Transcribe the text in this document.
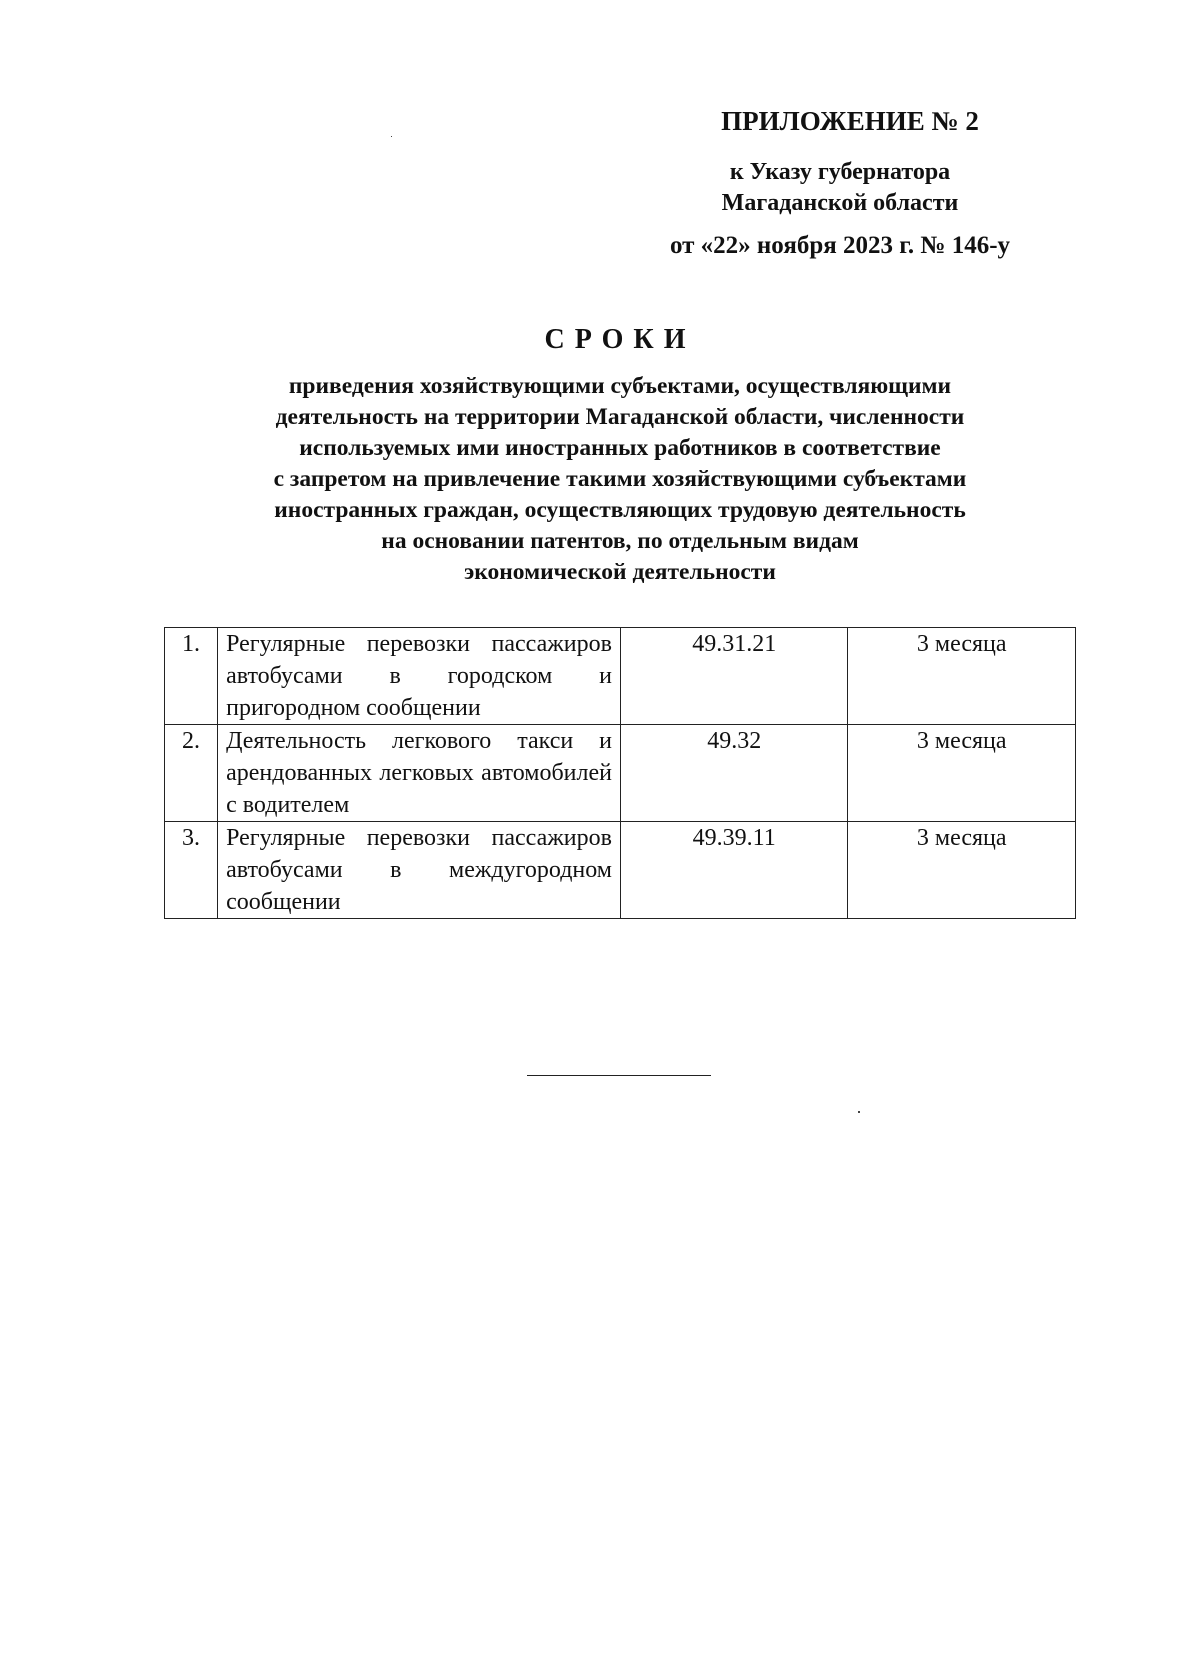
ПРИЛОЖЕНИЕ № 2
к Указу губернатора
Магаданской области
от «22» ноября 2023 г. № 146-у
СРОКИ
приведения хозяйствующими субъектами, осуществляющими
деятельность на территории Магаданской области, численности
используемых ими иностранных работников в соответствие
с запретом на привлечение такими хозяйствующими субъектами
иностранных граждан, осуществляющих трудовую деятельность
на основании патентов, по отдельным видам
экономической деятельности
1.	Регулярные перевозки пассажиров автобусами в городском и пригородном сообщении	49.31.21	3 месяца
2.	Деятельность легкового такси и арендованных легковых автомобилей с водителем	49.32	3 месяца
3.	Регулярные перевозки пассажиров автобусами в междугородном сообщении	49.39.11	3 месяца
